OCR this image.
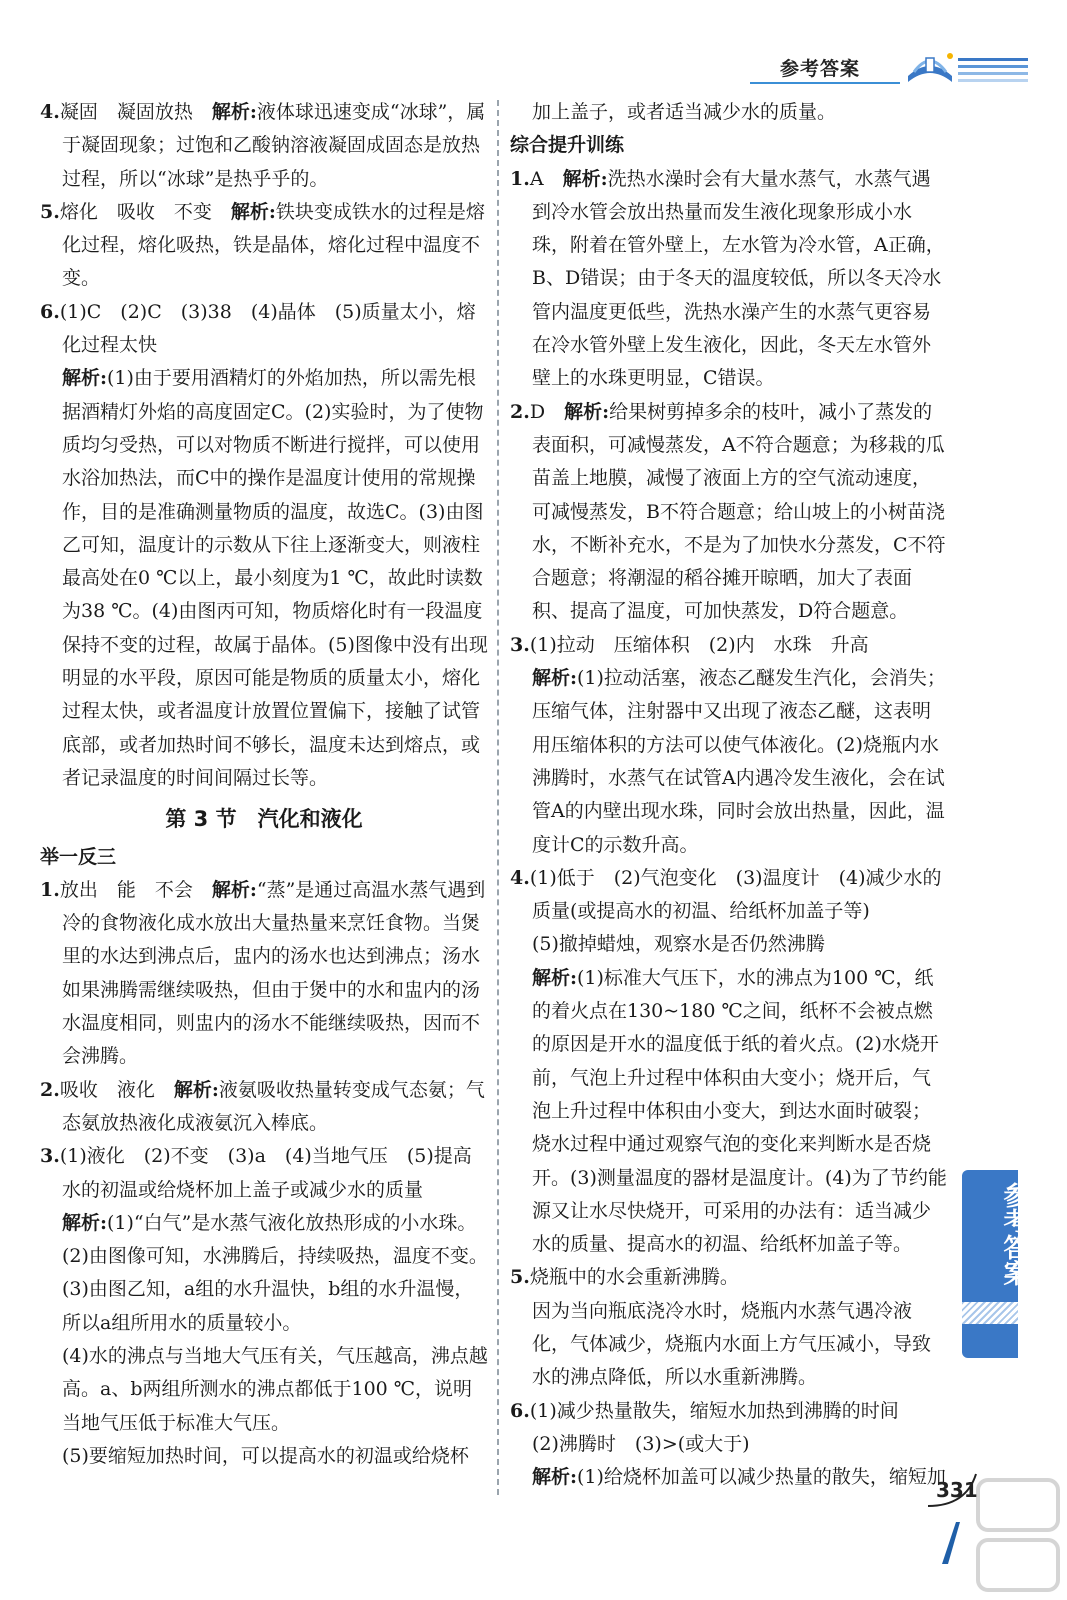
参考答案

4.凝固　凝固放热　解析:液体球迅速变成“冰球”，属于凝固现象；过饱和乙酸钠溶液凝固成固态是放热过程，所以“冰球”是热乎乎的。

5.熔化　吸收　不变　解析:铁块变成铁水的过程是熔化过程，熔化吸热，铁是晶体，熔化过程中温度不变。

6.(1)C　(2)C　(3)38　(4)晶体　(5)质量太小，熔化过程太快

解析:(1)由于要用酒精灯的外焰加热，所以需先根据酒精灯外焰的高度固定C。(2)实验时，为了使物质均匀受热，可以对物质不断进行搅拌，可以使用水浴加热法，而C中的操作是温度计使用的常规操作，目的是准确测量物质的温度，故选C。(3)由图乙可知，温度计的示数从下往上逐渐变大，则液柱最高处在0 ℃以上，最小刻度为1 ℃，故此时读数为38 ℃。(4)由图丙可知，物质熔化时有一段温度保持不变的过程，故属于晶体。(5)图像中没有出现明显的水平段，原因可能是物质的质量太小，熔化过程太快，或者温度计放置位置偏下，接触了试管底部，或者加热时间不够长，温度未达到熔点，或者记录温度的时间间隔过长等。

第 3 节　汽化和液化

举一反三

1.放出　能　不会　解析:“蒸”是通过高温水蒸气遇到冷的食物液化成水放出大量热量来烹饪食物。当煲里的水达到沸点后，盅内的汤水也达到沸点；汤水如果沸腾需继续吸热，但由于煲中的水和盅内的汤水温度相同，则盅内的汤水不能继续吸热，因而不会沸腾。

2.吸收　液化　解析:液氨吸收热量转变成气态氨；气态氨放热液化成液氨沉入棒底。

3.(1)液化　(2)不变　(3)a　(4)当地气压　(5)提高水的初温或给烧杯加上盖子或减少水的质量

解析:(1)“白气”是水蒸气液化放热形成的小水珠。

(2)由图像可知，水沸腾后，持续吸热，温度不变。

(3)由图乙知，a组的水升温快，b组的水升温慢，所以a组所用水的质量较小。

(4)水的沸点与当地大气压有关，气压越高，沸点越高。a、b两组所测水的沸点都低于100 ℃，说明当地气压低于标准大气压。

(5)要缩短加热时间，可以提高水的初温或给烧杯

加上盖子，或者适当减少水的质量。

综合提升训练

1.A　解析:洗热水澡时会有大量水蒸气，水蒸气遇到冷水管会放出热量而发生液化现象形成小水珠，附着在管外壁上，左水管为冷水管，A正确，B、D错误；由于冬天的温度较低，所以冬天冷水管内温度更低些，洗热水澡产生的水蒸气更容易在冷水管外壁上发生液化，因此，冬天左水管外壁上的水珠更明显，C错误。

2.D　解析:给果树剪掉多余的枝叶，减小了蒸发的表面积，可减慢蒸发，A不符合题意；为移栽的瓜苗盖上地膜，减慢了液面上方的空气流动速度，可减慢蒸发，B不符合题意；给山坡上的小树苗浇水，不断补充水，不是为了加快水分蒸发，C不符合题意；将潮湿的稻谷摊开晾晒，加大了表面积、提高了温度，可加快蒸发，D符合题意。

3.(1)拉动　压缩体积　(2)内　水珠　升高

解析:(1)拉动活塞，液态乙醚发生汽化，会消失；压缩气体，注射器中又出现了液态乙醚，这表明用压缩体积的方法可以使气体液化。(2)烧瓶内水沸腾时，水蒸气在试管A内遇冷发生液化，会在试管A的内壁出现水珠，同时会放出热量，因此，温度计C的示数升高。

4.(1)低于　(2)气泡变化　(3)温度计　(4)减少水的质量(或提高水的初温、给纸杯加盖子等)

(5)撤掉蜡烛，观察水是否仍然沸腾

解析:(1)标准大气压下，水的沸点为100 ℃，纸的着火点在130~180 ℃之间，纸杯不会被点燃的原因是开水的温度低于纸的着火点。(2)水烧开前，气泡上升过程中体积由大变小；烧开后，气泡上升过程中体积由小变大，到达水面时破裂；烧水过程中通过观察气泡的变化来判断水是否烧开。(3)测量温度的器材是温度计。(4)为了节约能源又让水尽快烧开，可采用的办法有：适当减少水的质量、提高水的初温、给纸杯加盖子等。

5.烧瓶中的水会重新沸腾。

因为当向瓶底浇冷水时，烧瓶内水蒸气遇冷液化，气体减少，烧瓶内水面上方气压减小，导致水的沸点降低，所以水重新沸腾。

6.(1)减少热量散失，缩短水加热到沸腾的时间

(2)沸腾时　(3)>(或大于)

解析:(1)给烧杯加盖可以减少热量的散失，缩短加

参考答案
331
